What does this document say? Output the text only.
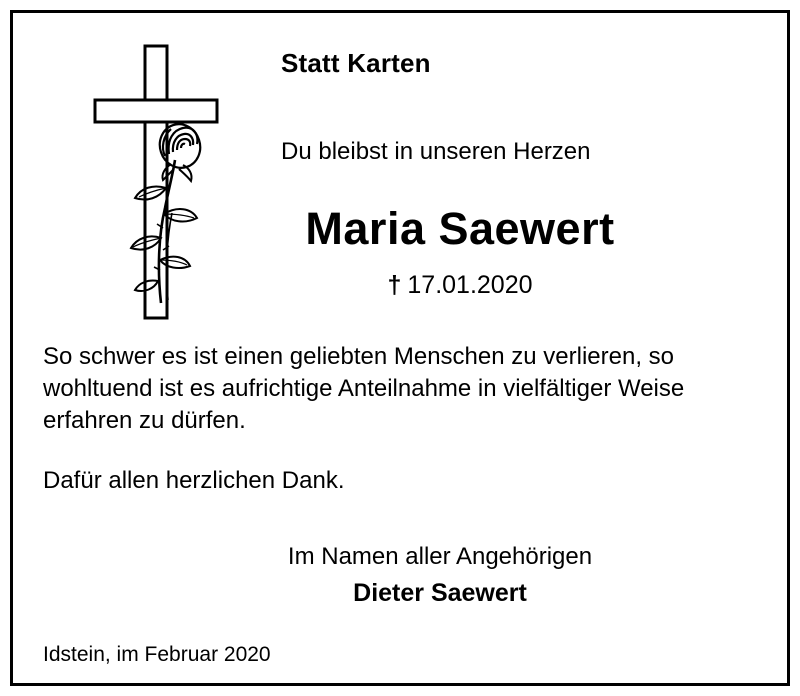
Statt Karten
Du bleibst in unseren Herzen
Maria Saewert
† 17.01.2020

So schwer es ist einen geliebten Menschen zu verlieren, so wohltuend ist es aufrichtige Anteilnahme in vielfältiger Weise erfahren zu dürfen.

Dafür allen herzlichen Dank.

Im Namen aller Angehörigen
Dieter Saewert
Idstein, im Februar 2020
